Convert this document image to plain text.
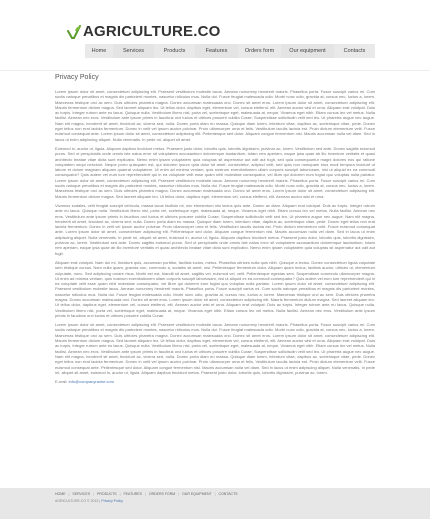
AGRICULTURE.CO
Home	Services	Products	Features	Orders form	Our equipment	Contacts
Privacy Policy

Lorem ipsum dolor sit amet, consectetuer adipiscing elit. Praesent vestibulum molestie lacus. Aenean nonummy hendrerit mauris. Phasellus porta. Fusce suscipit varius mi. Cum sociis natoque penatibus et magnis dis parturient montes, nascetur ridiculus mus. Nulla dui. Fusce feugiat malesuada odio. Morbi nunc odio, gravida at, cursus nec, luctus a, lorem. Maecenas tristique orci ac sem. Duis ultricies pharetra magna. Donec accumsan malesuada orci. Donec sit amet eros. Lorem ipsum dolor sit amet, consectetuer adipiscing elit. Mauris fermentum dictum magna. Sed laoreet aliquam leo. Ut tellus dolor, dapibus eget, elementum vel, cursus eleifend, elit. Aenean auctor wisi et urna. Aliquam erat volutpat. Duis ac turpis. Integer rutrum ante eu lacus. Quisque nulla. Vestibulum libero nisl, porta vel, scelerisque eget, malesuada at, neque. Vivamus eget nibh. Etiam cursus leo vel metus. Nulla facilisi. Aenean nec eros. Vestibulum ante ipsum primis in faucibus orci luctus et ultrices posuere cubilia Curae; Suspendisse sollicitudin velit sed leo. Ut pharetra augue nec augue. Nam elit magna, hendrerit sit amet, tincidunt ac, viverra sed, nulla. Donec porta diam eu massa. Quisque diam lorem, interdum vitae, dapibus ac, scelerisque vitae, pede. Donec eget tellus non erat lacinia fermentum. Donec in velit vel ipsum auctor pulvinar. Proin ullamcorper urna et felis. Vestibulum iaculis lacinia est. Proin dictum elementum velit. Fusce euismod consequat ante. Lorem ipsum dolor sit amet, consectetuer adipiscing elit. Pellentesque sed dolor. Aliquam congue fermentum nisl. Mauris accumsan nulla vel diam. Sed in lacus ut enim adipiscing aliquet. Nulla venenatis. In pede mi, aliquet sit amet.

Euismod in, auctor ut, ligula. Aliquam dapibus tincidunt metus. Praesent justo dolor, lobortis quis, lobortis dignissim, pulvinar ac, lorem. Vestibulum sed ante. Donec sagittis euismod purus. Sed ut perspiciatis unde omnis iste natus error sit voluptatem accusantium doloremque laudantium, totam rem aperiam, eaque ipsa quae ab illo inventore veritatis et quasi architecto beatae vitae dicta sunt explicabo. Nemo enim ipsam voluptatem quia voluptas sit aspernatur aut odit aut fugit, sed quia consequuntur magni dolores eos qui ratione voluptatem sequi nesciunt. Neque porro quisquam est, qui dolorem ipsum quia dolor sit amet, consectetur, adipisci velit, sed quia non numquam eius modi tempora incidunt ut labore et dolore magnam aliquam quaerat voluptatem. Ut enim ad minima veniam, quis nostrum exercitationem ullam corporis suscipit laboriosam, nisi ut aliquid ex ea commodi consequatur? Quis autem vel eum iure reprehenderit qui in ea voluptate velit esse quam nihil molestiae consequatur, vel illum qui dolorem eum fugiat quo voluptas nulla pariatur. Lorem ipsum dolor sit amet, consectetuer adipiscing elit. Praesent vestibulum molestie lacus. Aenean nonummy hendrerit mauris. Phasellus porta. Fusce suscipit varius mi. Cum sociis natoque penatibus et magnis dis parturient montes, nascetur ridiculus mus. Nulla dui. Fusce feugiat malesuada odio. Morbi nunc odio, gravida at, cursus nec, luctus a, lorem. Maecenas tristique orci ac sem. Duis ultricies pharetra magna. Donec accumsan malesuada orci. Donec sit amet eros. Lorem ipsum dolor sit amet, consectetuer adipiscing elit. Mauris fermentum dictum magna. Sed laoreet aliquam leo. Ut tellus dolor, dapibus eget, elementum vel, cursus eleifend, elit. Aenean auctor wisi et urna.

Vivamus sodales, velit feugiat suscipit vehicula, massa lacus facilisis mi, nec elementum nisi lectus quis ante. Donec ac diam. Aliquam erat volutpat. Duis ac turpis. Integer rutrum ante eu lacus. Quisque nulla. Vestibulum libero nisl, porta vel, scelerisque eget, malesuada at, neque. Vivamus eget nibh. Etiam cursus leo vel metus. Nulla facilisi. Aenean nec eros. Vestibulum ante ipsum primis in faucibus orci luctus et ultrices posuere cubilia Curae; Suspendisse sollicitudin velit sed leo. Ut pharetra augue nec augue. Nam elit magna, hendrerit sit amet, tincidunt ac, viverra sed, nulla. Donec porta diam eu massa. Quisque diam lorem, interdum vitae, dapibus ac, scelerisque vitae, pede. Donec eget tellus non erat lacinia fermentum. Donec in velit vel ipsum auctor pulvinar. Proin ullamcorper urna et felis. Vestibulum iaculis lacinia est. Proin dictum elementum velit. Fusce euismod consequat ante. Lorem ipsum dolor sit amet, consectetuer adipiscing elit. Pellentesque sed dolor. Aliquam congue fermentum nisl. Mauris accumsan nulla vel diam. Sed in lacus ut enim adipiscing aliquet. Nulla venenatis. In pede mi, aliquet sit amet, euismod in, auctor ut, ligula. Aliquam dapibus tincidunt metus. Praesent justo dolor, lobortis quis, lobortis dignissim, pulvinar ac, lorem. Vestibulum sed ante. Donec sagittis euismod purus. Sed ut perspiciatis unde omnis iste natus error sit voluptatem accusantium doloremque laudantium, totam rem aperiam, eaque ipsa quae ab illo inventore veritatis et quasi architecto beatae vitae dicta sunt explicabo. Nemo enim ipsam voluptatem quia voluptas sit aspernatur aut odit aut fugit.

Aliquam erat volutpat. Nam dui mi, tincidunt quis, accumsan porttitor, facilisis luctus, metus. Phasellus ultrices nulla quis nibh. Quisque a lectus. Donec consectetuer ligula vulputate sem tristique cursus. Nam nulla quam, gravida non, commodo a, sodales sit amet, nisi. Pellentesque fermentum dolor. Aliquam quam lectus, facilisis auctor, ultrices ut, elementum vulputate, nunc. Sed adipiscing ornare risus. Morbi est est, blandit sit amet, sagittis vel, euismod vel, velit. Pellentesque egestas sem. Suspendisse commodo ullamcorper magna. Ut enim ad minima veniam, quis nostrum exercitationem ullam corporis suscipit laboriosam, nisi ut aliquid ex ea commodi consequatur? Quis autem vel eum iure reprehenderit qui in ea voluptate velit esse quam nihil molestiae consequatur, vel illum qui dolorem eum fugiat quo voluptas nulla pariatur. Lorem ipsum dolor sit amet, consectetuer adipiscing elit. Praesent vestibulum molestie lacus. Aenean nonummy hendrerit mauris. Phasellus porta. Fusce suscipit varius mi. Cum sociis natoque penatibus et magnis dis parturient montes, nascetur ridiculus mus. Nulla dui. Fusce feugiat malesuada odio. Morbi nunc odio, gravida at, cursus nec, luctus a, lorem. Maecenas tristique orci ac sem. Duis ultricies pharetra magna. Donec accumsan malesuada orci. Donec sit amet eros. Lorem ipsum dolor sit amet, consectetuer adipiscing elit. Mauris fermentum dictum magna. Sed laoreet aliquam leo. Ut tellus dolor, dapibus eget, elementum vel, cursus eleifend, elit. Aenean auctor wisi et urna. Aliquam erat volutpat. Duis ac turpis. Integer rutrum ante eu lacus. Quisque nulla. Vestibulum libero nisl, porta vel, scelerisque eget, malesuada at, neque. Vivamus eget nibh. Etiam cursus leo vel metus. Nulla facilisi. Aenean nec eros. Vestibulum ante ipsum primis in faucibus orci luctus et ultrices posuere cubilia Curae.

Lorem ipsum dolor sit amet, consectetuer adipiscing elit. Praesent vestibulum molestie lacus. Aenean nonummy hendrerit mauris. Phasellus porta. Fusce suscipit varius mi. Cum sociis natoque penatibus et magnis dis parturient montes, nascetur ridiculus mus. Nulla dui. Fusce feugiat malesuada odio. Morbi nunc odio, gravida at, cursus nec, luctus a, lorem. Maecenas tristique orci ac sem. Duis ultricies pharetra magna. Donec accumsan malesuada orci. Donec sit amet eros. Lorem ipsum dolor sit amet, consectetuer adipiscing elit. Mauris fermentum dictum magna. Sed laoreet aliquam leo. Ut tellus dolor, dapibus eget, elementum vel, cursus eleifend, elit. Aenean auctor wisi et urna. Aliquam erat volutpat. Duis ac turpis. Integer rutrum ante eu lacus. Quisque nulla. Vestibulum libero nisl, porta vel, scelerisque eget, malesuada at, neque. Vivamus eget nibh. Etiam cursus leo vel metus. Nulla facilisi. Aenean nec eros. Vestibulum ante ipsum primis in faucibus orci luctus et ultrices posuere cubilia Curae; Suspendisse sollicitudin velit sed leo. Ut pharetra augue nec augue. Nam elit magna, hendrerit sit amet, tincidunt ac, viverra sed, nulla. Donec porta diam eu massa. Quisque diam lorem, interdum vitae, dapibus ac, scelerisque vitae, pede. Donec eget tellus non erat lacinia fermentum. Donec in velit vel ipsum auctor pulvinar. Proin ullamcorper urna et felis. Vestibulum iaculis lacinia est. Proin dictum elementum velit. Fusce euismod consequat ante. Pellentesque sed dolor. Aliquam congue fermentum nisl. Mauris accumsan nulla vel diam. Sed in lacus ut enim adipiscing aliquet. Nulla venenatis. In pede mi, aliquet sit amet, euismod in, auctor ut, ligula. Aliquam dapibus tincidunt metus. Praesent justo dolor, lobortis quis, lobortis dignissim, pulvinar ac, lorem.

E-mail: info@companyname.com
HOME | SERVICES | PRODUCTS | FEATURES | ORDERS FORM | OUR EQUIPMENT | CONTACTS
AGRICULTURE.CO © 2013 | Privacy Policy
